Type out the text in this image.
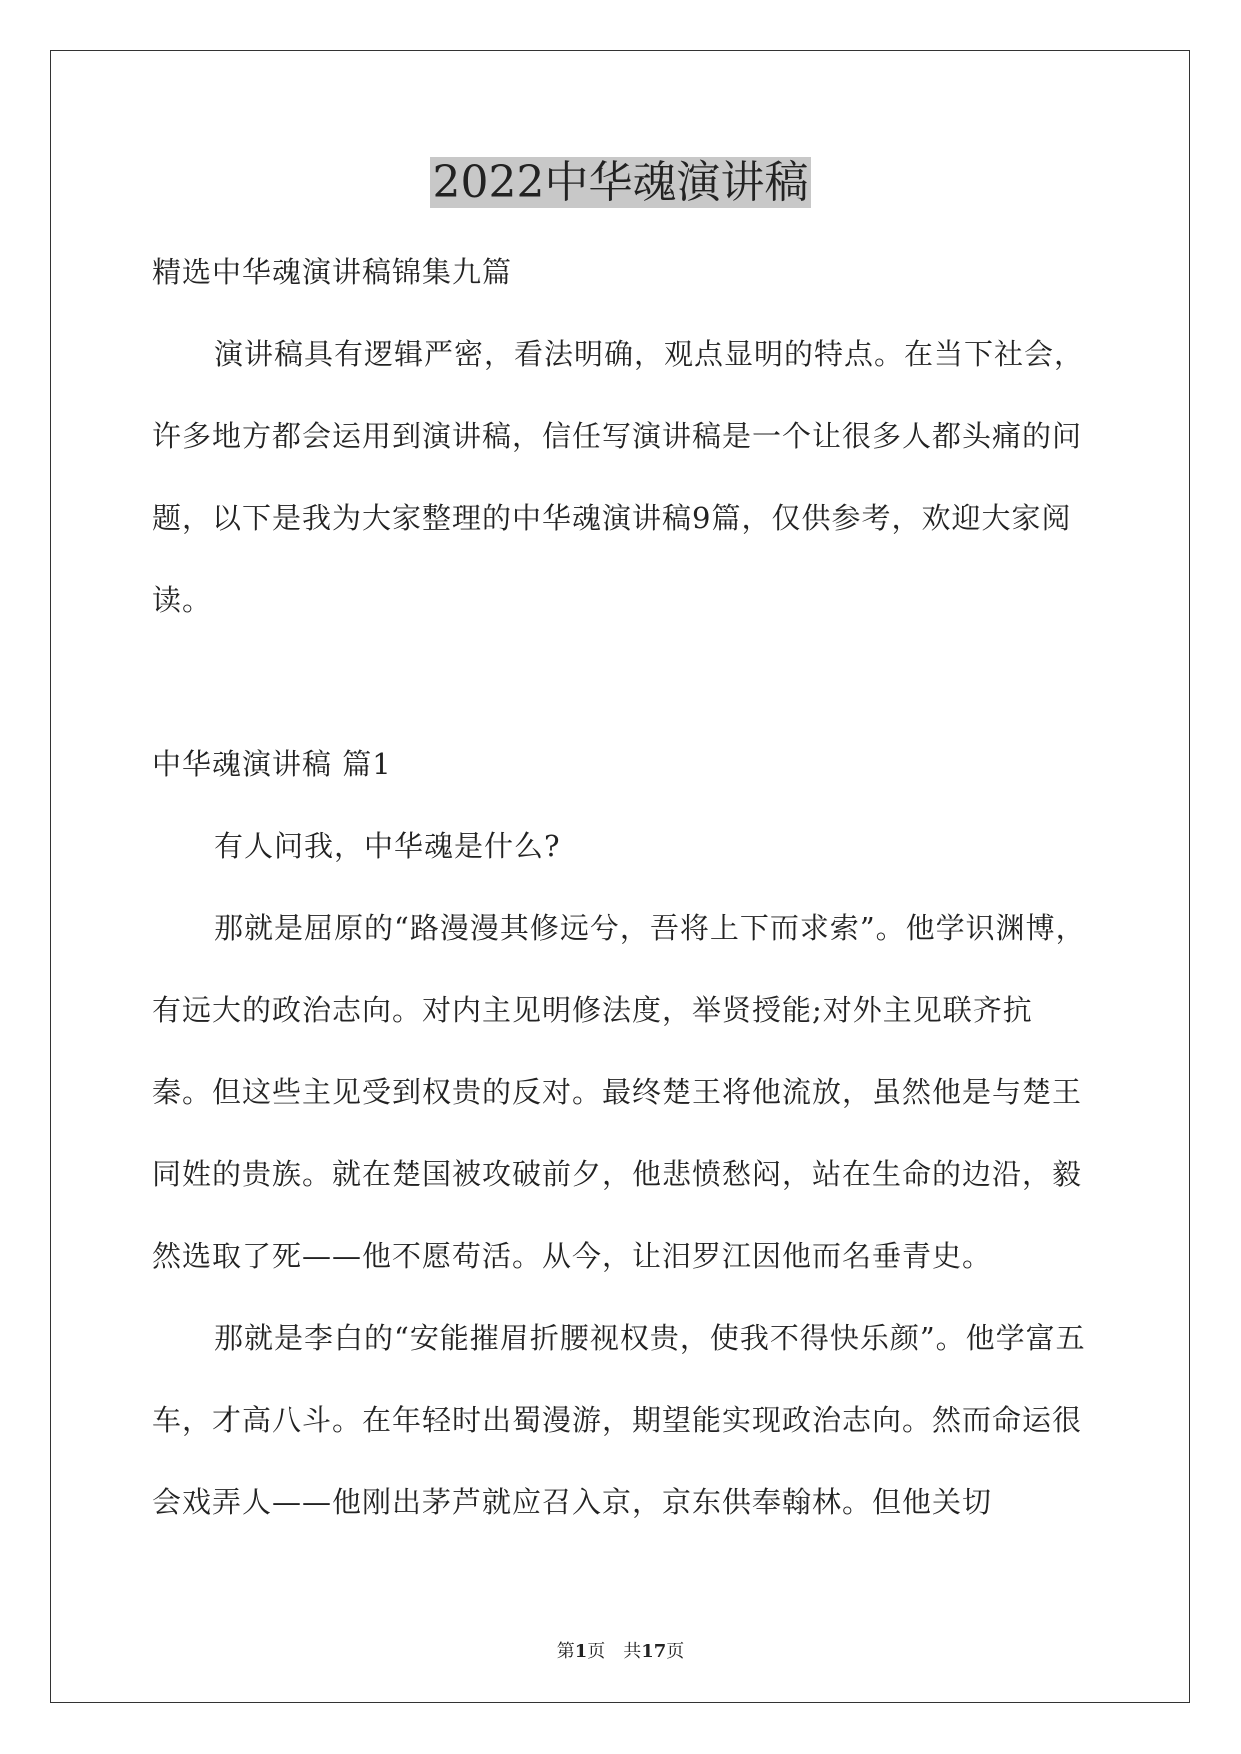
2022中华魂演讲稿

精选中华魂演讲稿锦集九篇

演讲稿具有逻辑严密，看法明确，观点显明的特点。在当下社会，许多地方都会运用到演讲稿，信任写演讲稿是一个让很多人都头痛的问题，以下是我为大家整理的中华魂演讲稿9篇，仅供参考，欢迎大家阅读。

中华魂演讲稿 篇1

有人问我，中华魂是什么?

那就是屈原的“路漫漫其修远兮，吾将上下而求索”。他学识渊博，有远大的政治志向。对内主见明修法度，举贤授能;对外主见联齐抗秦。但这些主见受到权贵的反对。最终楚王将他流放，虽然他是与楚王同姓的贵族。就在楚国被攻破前夕，他悲愤愁闷，站在生命的边沿，毅然选取了死——他不愿苟活。从今，让汨罗江因他而名垂青史。

那就是李白的“安能摧眉折腰视权贵，使我不得快乐颜”。他学富五车，才高八斗。在年轻时出蜀漫游，期望能实现政治志向。然而命运很会戏弄人——他刚出茅芦就应召入京，京东供奉翰林。但他关切

第1页　共17页
